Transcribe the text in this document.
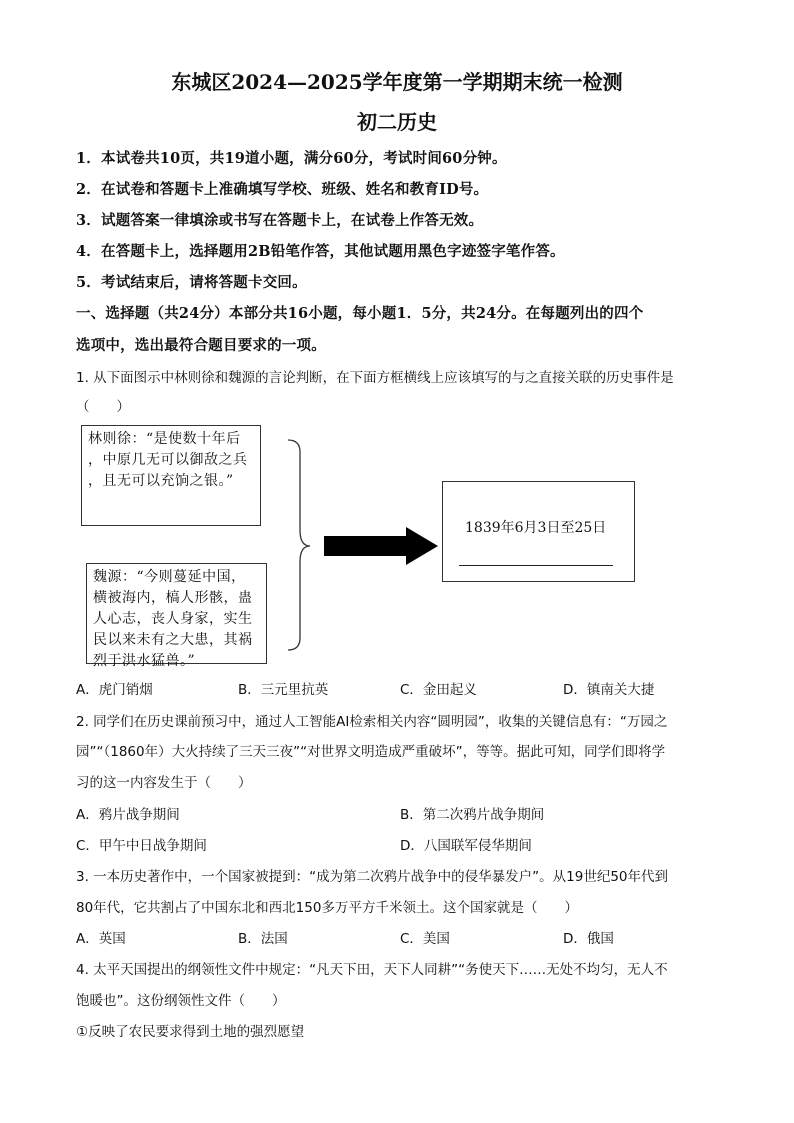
东城区2024—2025学年度第一学期期末统一检测
初二历史
1．本试卷共10页，共19道小题，满分60分，考试时间60分钟。
2．在试卷和答题卡上准确填写学校、班级、姓名和教育ID号。
3．试题答案一律填涂或书写在答题卡上，在试卷上作答无效。
4．在答题卡上，选择题用2B铅笔作答，其他试题用黑色字迹签字笔作答。
5．考试结束后，请将答题卡交回。
一、选择题（共24分）本部分共16小题，每小题1．5分，共24分。在每题列出的四个
选项中，选出最符合题目要求的一项。
1. 从下面图示中林则徐和魏源的言论判断，在下面方框横线上应该填写的与之直接关联的历史事件是
（　　）
林则徐：“是使数十年后
，中原几无可以御敌之兵
，且无可以充饷之银。”
魏源：“今则蔓延中国，
横被海内，槁人形骸，蛊
人心志，丧人身家，实生
民以来未有之大患，其祸
烈于洪水猛兽。”
1839年6月3日至25日
A．虎门销烟	B．三元里抗英	C．金田起义	D．镇南关大捷
2. 同学们在历史课前预习中，通过人工智能AI检索相关内容“圆明园”，收集的关键信息有：“万园之
园”“（1860年）大火持续了三天三夜”“对世界文明造成严重破坏”，等等。据此可知，同学们即将学
习的这一内容发生于（　　）
A．鸦片战争期间	B．第二次鸦片战争期间
C．甲午中日战争期间	D．八国联军侵华期间
3. 一本历史著作中，一个国家被提到：“成为第二次鸦片战争中的侵华暴发户”。从19世纪50年代到
80年代，它共割占了中国东北和西北150多万平方千米领土。这个国家就是（　　）
A．英国	B．法国	C．美国	D．俄国
4. 太平天国提出的纲领性文件中规定：“凡天下田，天下人同耕”“务使天下……无处不均匀，无人不
饱暖也”。这份纲领性文件（　　）
①反映了农民要求得到土地的强烈愿望
